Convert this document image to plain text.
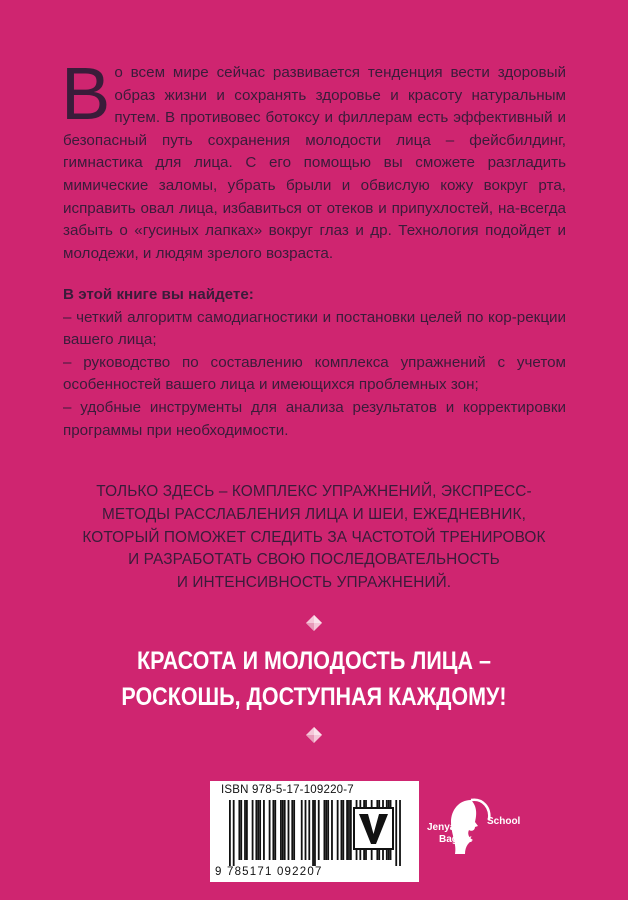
В о всем мире сейчас развивается тенденция вести здоровый образ жизни и сохранять здоровье и красоту натуральным путем. В противовес ботоксу и филлерам есть эффективный и безопасный путь сохранения молодости лица – фейсбилдинг, гимнастика для лица. С его помощью вы сможете разгладить мимические заломы, убрать брыли и обвислую кожу вокруг рта, исправить овал лица, избавиться от отеков и припухлостей, на-всегда забыть о «гусиных лапках» вокруг глаз и др. Технология подойдет и молодежи, и людям зрелого возраста.
В этой книге вы найдете:
– четкий алгоритм самодиагностики и постановки целей по кор-рекции вашего лица;
– руководство по составлению комплекса упражнений с учетом особенностей вашего лица и имеющихся проблемных зон;
– удобные инструменты для анализа результатов и корректировки программы при необходимости.
ТОЛЬКО ЗДЕСЬ – КОМПЛЕКС УПРАЖНЕНИЙ, ЭКСПРЕСС-
МЕТОДЫ РАССЛАБЛЕНИЯ ЛИЦА И ШЕИ, ЕЖЕДНЕВНИК,
КОТОРЫЙ ПОМОЖЕТ СЛЕДИТЬ ЗА ЧАСТОТОЙ ТРЕНИРОВОК
И РАЗРАБОТАТЬ СВОЮ ПОСЛЕДОВАТЕЛЬНОСТЬ
И ИНТЕНСИВНОСТЬ УПРАЖНЕНИЙ.
КРАСОТА И МОЛОДОСТЬ ЛИЦА –
РОСКОШЬ, ДОСТУПНАЯ КАЖДОМУ!
ISBN 978-5-17-109220-7
9 785171 092207
Jenya
Baglyk
School
